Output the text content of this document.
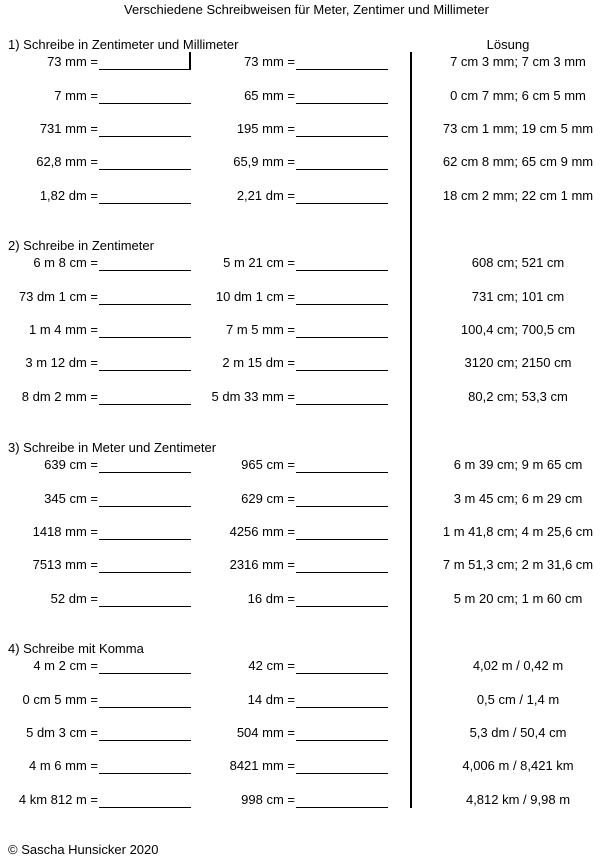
Verschiedene Schreibweisen für Meter, Zentimer und Millimeter
Lösung
1) Schreibe in Zentimeter und Millimeter
73 mm =	73 mm =	7 cm 3 mm; 7 cm 3 mm
7 mm =	65 mm =	0 cm 7 mm; 6 cm 5 mm
731 mm =	195 mm =	73 cm 1 mm; 19 cm 5 mm
62,8 mm =	65,9 mm =	62 cm 8 mm; 65 cm 9 mm
1,82 dm =	2,21 dm =	18 cm 2 mm; 22 cm 1 mm
2) Schreibe in Zentimeter
6 m 8 cm =	5 m 21 cm =	608 cm; 521 cm
73 dm 1 cm =	10 dm 1 cm =	731 cm; 101 cm
1 m 4 mm =	7 m 5 mm =	100,4 cm; 700,5 cm
3 m 12 dm =	2 m 15 dm =	3120 cm; 2150 cm
8 dm 2 mm =	5 dm 33 mm =	80,2 cm; 53,3 cm
3) Schreibe in Meter und Zentimeter
639 cm =	965 cm =	6 m 39 cm; 9 m 65 cm
345 cm =	629 cm =	3 m 45 cm; 6 m 29 cm
1418 mm =	4256 mm =	1 m 41,8 cm; 4 m 25,6 cm
7513 mm =	2316 mm =	7 m 51,3 cm; 2 m 31,6 cm
52 dm =	16 dm =	5 m 20 cm; 1 m 60 cm
4) Schreibe mit Komma
4 m 2 cm =	42 cm =	4,02 m / 0,42 m
0 cm 5 mm =	14 dm =	0,5 cm / 1,4 m
5 dm 3 cm =	504 mm =	5,3 dm / 50,4 cm
4 m 6 mm =	8421 mm =	4,006 m / 8,421 km
4 km 812 m =	998 cm =	4,812 km / 9,98 m
© Sascha Hunsicker 2020
